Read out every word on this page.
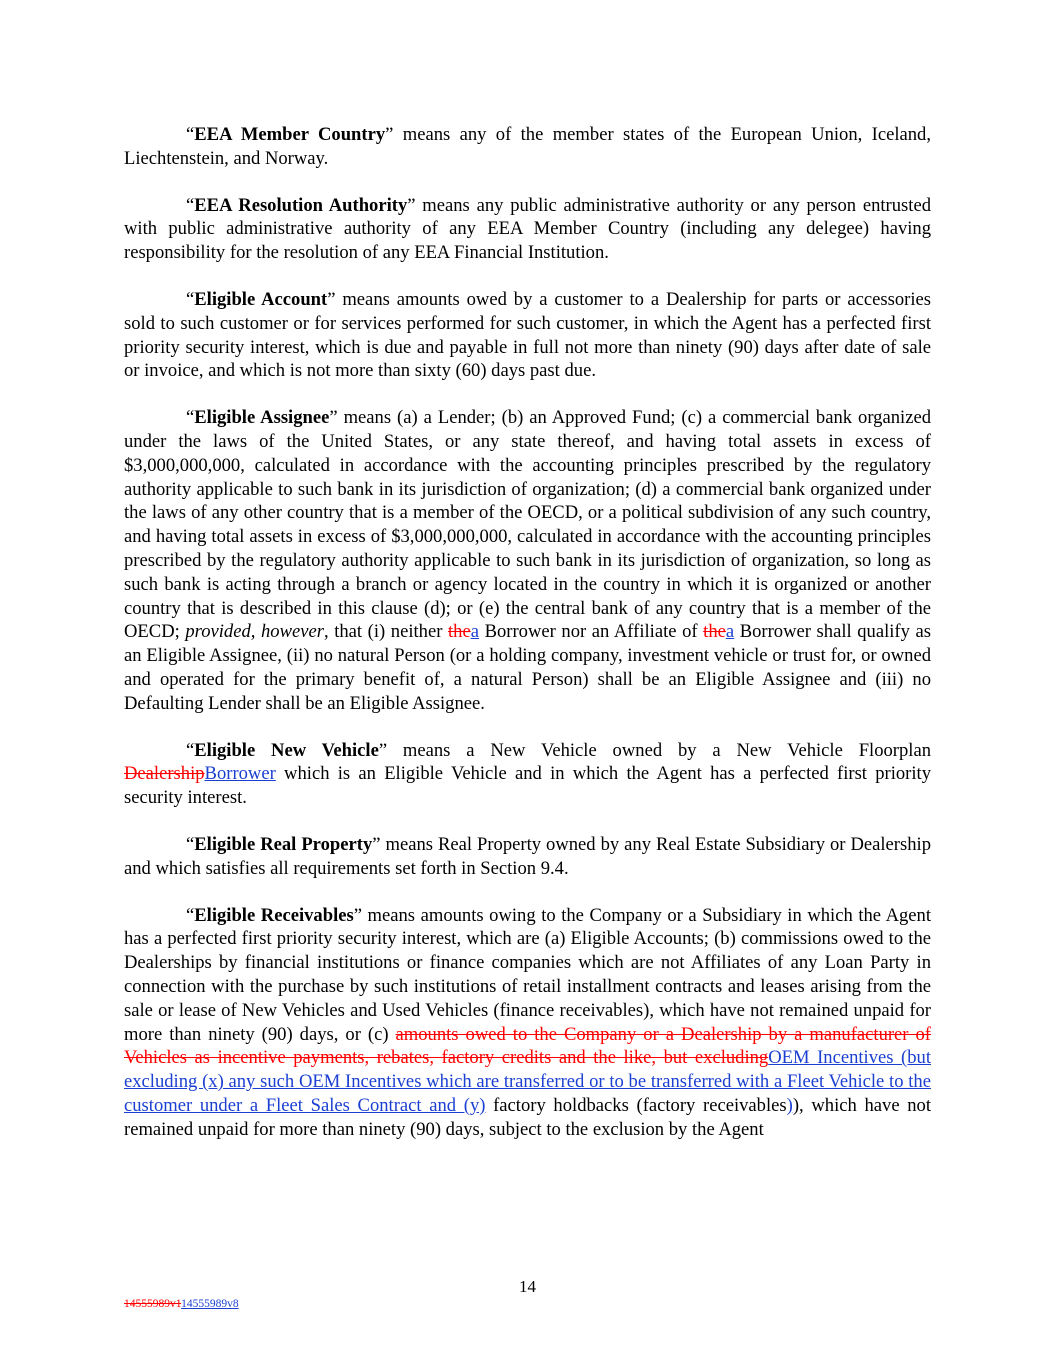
“EEA Member Country” means any of the member states of the European Union, Iceland, Liechtenstein, and Norway.

“EEA Resolution Authority” means any public administrative authority or any person entrusted with public administrative authority of any EEA Member Country (including any delegee) having responsibility for the resolution of any EEA Financial Institution.

“Eligible Account” means amounts owed by a customer to a Dealership for parts or accessories sold to such customer or for services performed for such customer, in which the Agent has a perfected first priority security interest, which is due and payable in full not more than ninety (90) days after date of sale or invoice, and which is not more than sixty (60) days past due.

“Eligible Assignee” means (a) a Lender; (b) an Approved Fund; (c) a commercial bank organized under the laws of the United States, or any state thereof, and having total assets in excess of $3,000,000,000, calculated in accordance with the accounting principles prescribed by the regulatory authority applicable to such bank in its jurisdiction of organization; (d) a commercial bank organized under the laws of any other country that is a member of the OECD, or a political subdivision of any such country, and having total assets in excess of $3,000,000,000, calculated in accordance with the accounting principles prescribed by the regulatory authority applicable to such bank in its jurisdiction of organization, so long as such bank is acting through a branch or agency located in the country in which it is organized or another country that is described in this clause (d); or (e) the central bank of any country that is a member of the OECD; provided, however, that (i) neither thea Borrower nor an Affiliate of thea Borrower shall qualify as an Eligible Assignee, (ii) no natural Person (or a holding company, investment vehicle or trust for, or owned and operated for the primary benefit of, a natural Person) shall be an Eligible Assignee and (iii) no Defaulting Lender shall be an Eligible Assignee.

“Eligible New Vehicle” means a New Vehicle owned by a New Vehicle Floorplan DealershipBorrower which is an Eligible Vehicle and in which the Agent has a perfected first priority security interest.

“Eligible Real Property” means Real Property owned by any Real Estate Subsidiary or Dealership and which satisfies all requirements set forth in Section 9.4.

“Eligible Receivables” means amounts owing to the Company or a Subsidiary in which the Agent has a perfected first priority security interest, which are (a) Eligible Accounts; (b) commissions owed to the Dealerships by financial institutions or finance companies which are not Affiliates of any Loan Party in connection with the purchase by such institutions of retail installment contracts and leases arising from the sale or lease of New Vehicles and Used Vehicles (finance receivables), which have not remained unpaid for more than ninety (90) days, or (c) amounts owed to the Company or a Dealership by a manufacturer of Vehicles as incentive payments, rebates, factory credits and the like, but excludingOEM Incentives (but excluding (x) any such OEM Incentives which are transferred or to be transferred with a Fleet Vehicle to the customer under a Fleet Sales Contract and (y) factory holdbacks (factory receivables)), which have not remained unpaid for more than ninety (90) days, subject to the exclusion by the Agent

14
14555989v114555989v8
